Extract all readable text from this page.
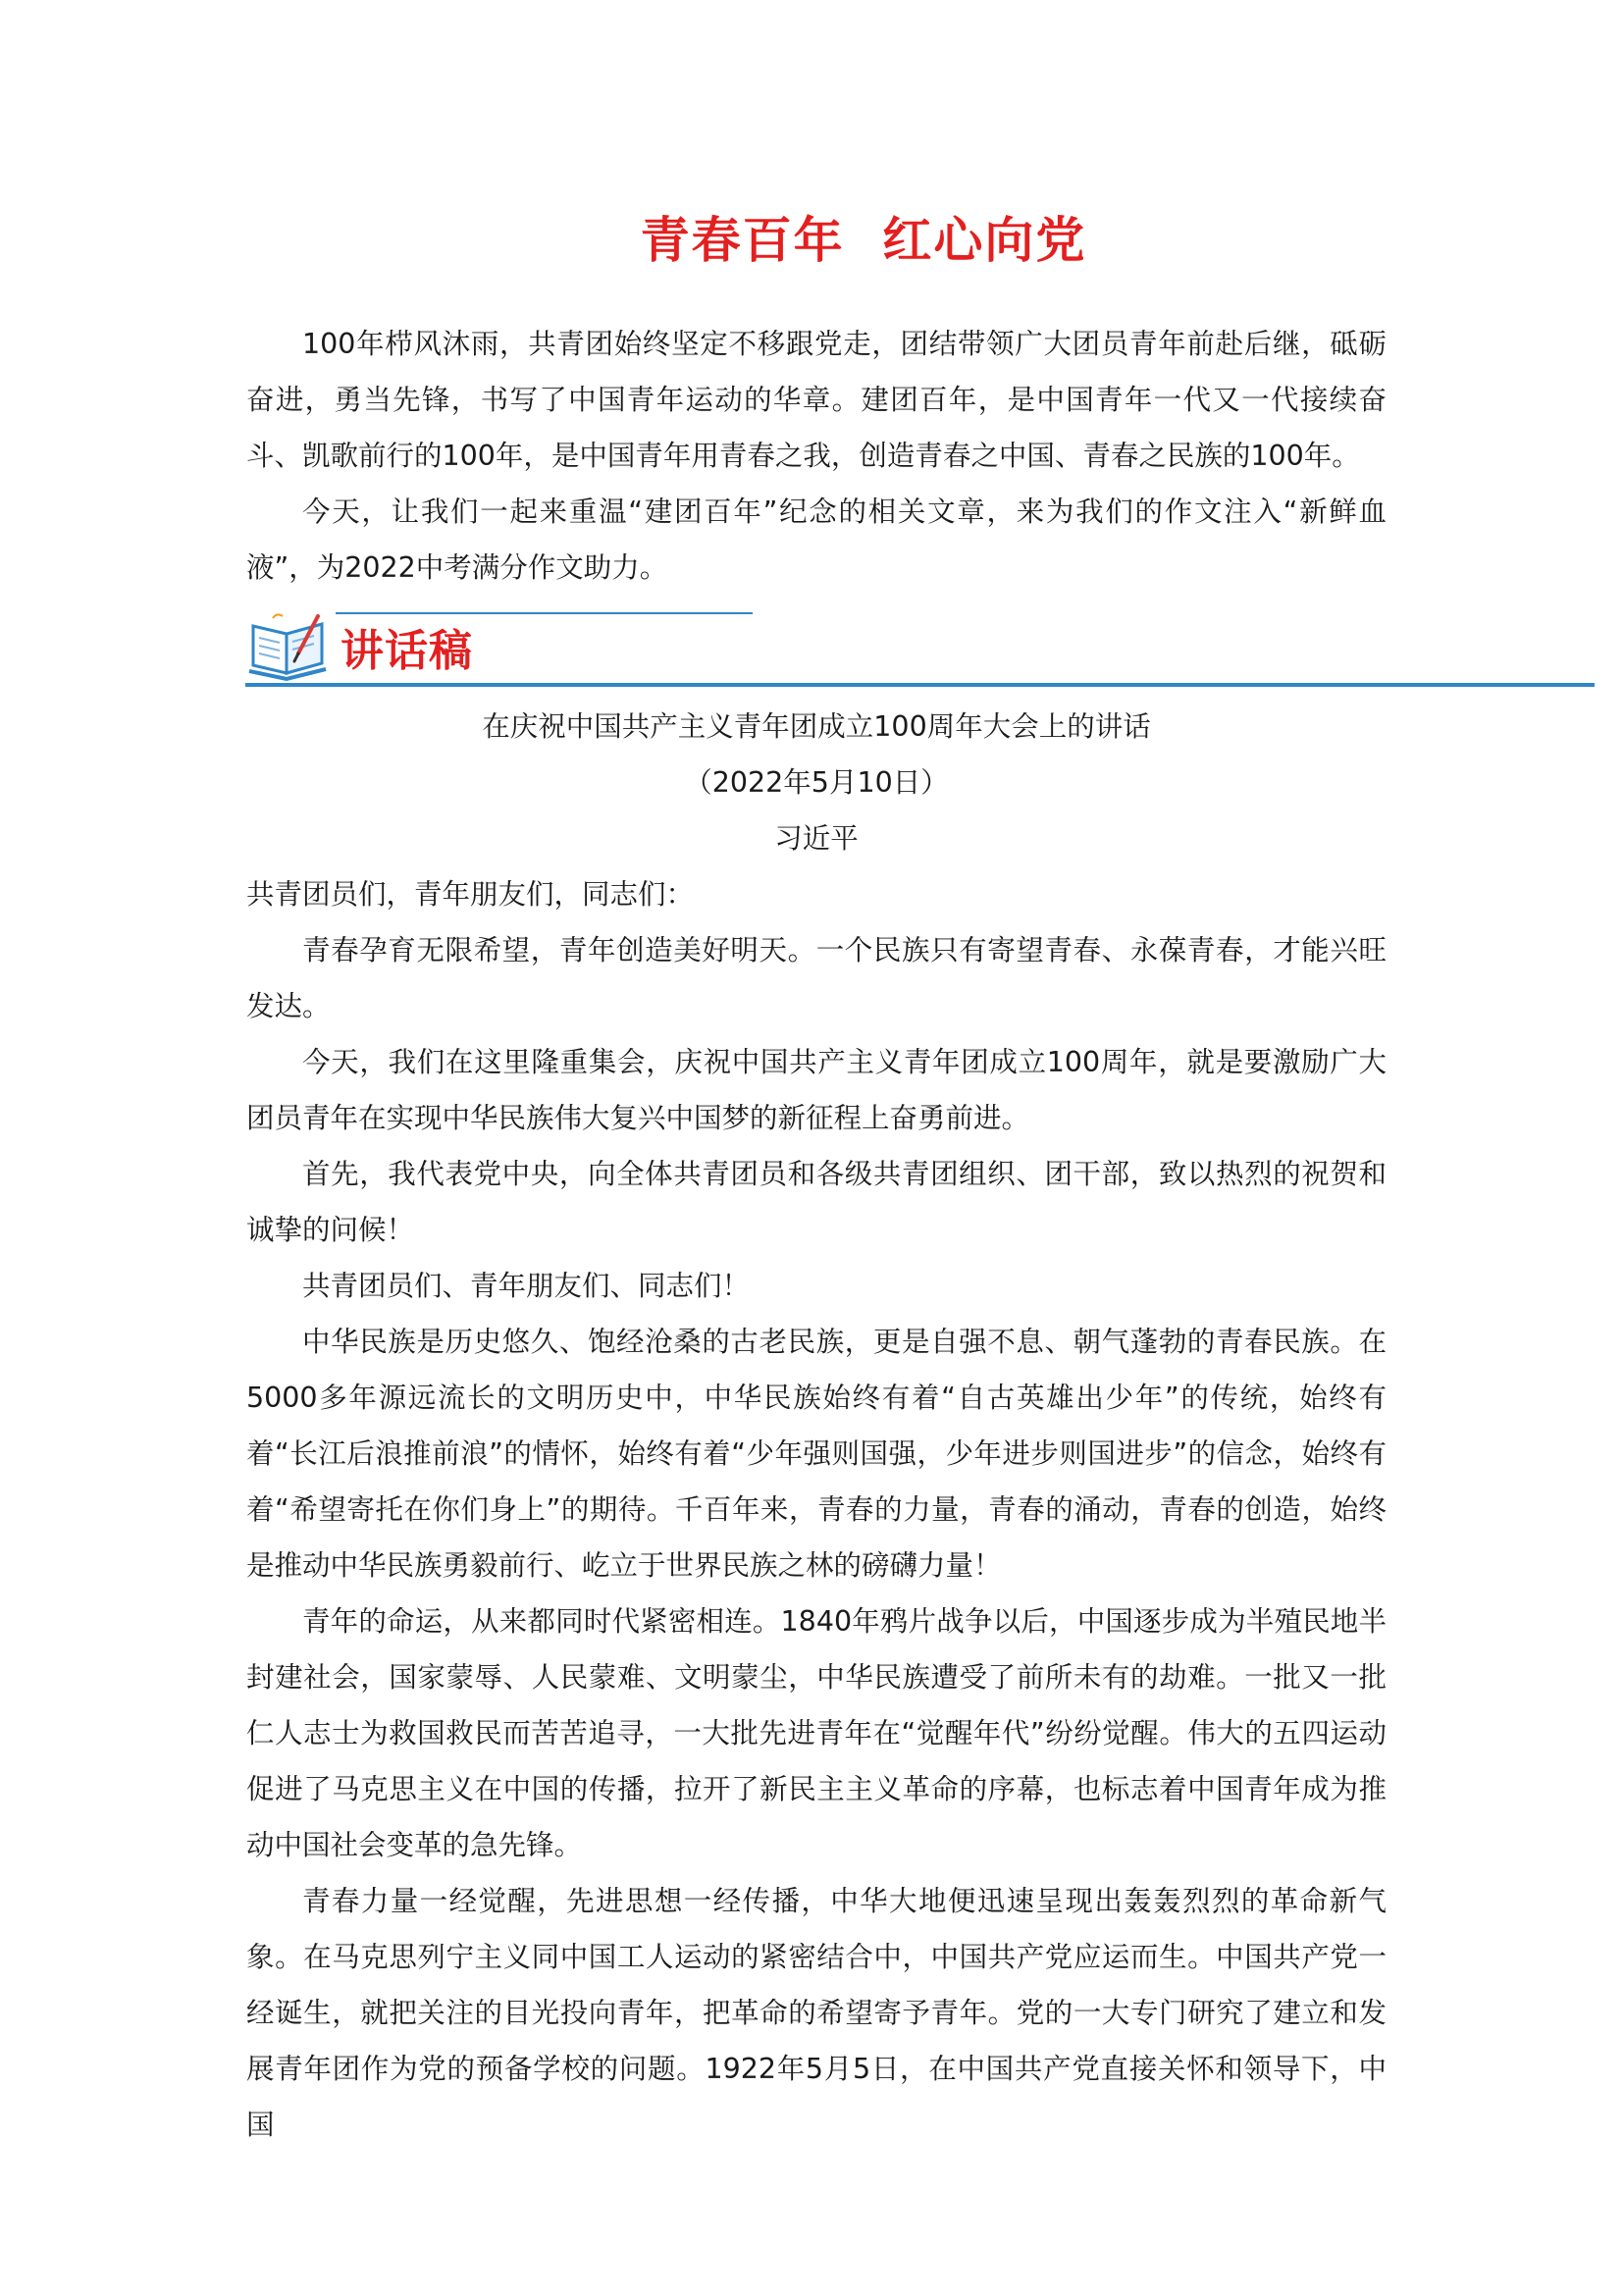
青春百年  红心向党

100年栉风沐雨，共青团始终坚定不移跟党走，团结带领广大团员青年前赴后继，砥砺奋进，勇当先锋，书写了中国青年运动的华章。建团百年，是中国青年一代又一代接续奋斗、凯歌前行的100年，是中国青年用青春之我，创造青春之中国、青春之民族的100年。

今天，让我们一起来重温“建团百年”纪念的相关文章，来为我们的作文注入“新鲜血液”，为2022中考满分作文助力。

讲话稿
在庆祝中国共产主义青年团成立100周年大会上的讲话
（2022年5月10日）
习近平

共青团员们，青年朋友们，同志们：

青春孕育无限希望，青年创造美好明天。一个民族只有寄望青春、永葆青春，才能兴旺发达。

今天，我们在这里隆重集会，庆祝中国共产主义青年团成立100周年，就是要激励广大团员青年在实现中华民族伟大复兴中国梦的新征程上奋勇前进。

首先，我代表党中央，向全体共青团员和各级共青团组织、团干部，致以热烈的祝贺和诚挚的问候！

共青团员们、青年朋友们、同志们！

中华民族是历史悠久、饱经沧桑的古老民族，更是自强不息、朝气蓬勃的青春民族。在5000多年源远流长的文明历史中，中华民族始终有着“自古英雄出少年”的传统，始终有着“长江后浪推前浪”的情怀，始终有着“少年强则国强，少年进步则国进步”的信念，始终有着“希望寄托在你们身上”的期待。千百年来，青春的力量，青春的涌动，青春的创造，始终是推动中华民族勇毅前行、屹立于世界民族之林的磅礴力量！

青年的命运，从来都同时代紧密相连。1840年鸦片战争以后，中国逐步成为半殖民地半封建社会，国家蒙辱、人民蒙难、文明蒙尘，中华民族遭受了前所未有的劫难。一批又一批仁人志士为救国救民而苦苦追寻，一大批先进青年在“觉醒年代”纷纷觉醒。伟大的五四运动促进了马克思主义在中国的传播，拉开了新民主主义革命的序幕，也标志着中国青年成为推动中国社会变革的急先锋。

青春力量一经觉醒，先进思想一经传播，中华大地便迅速呈现出轰轰烈烈的革命新气象。在马克思列宁主义同中国工人运动的紧密结合中，中国共产党应运而生。中国共产党一经诞生，就把关注的目光投向青年，把革命的希望寄予青年。党的一大专门研究了建立和发展青年团作为党的预备学校的问题。1922年5月5日，在中国共产党直接关怀和领导下，中国
